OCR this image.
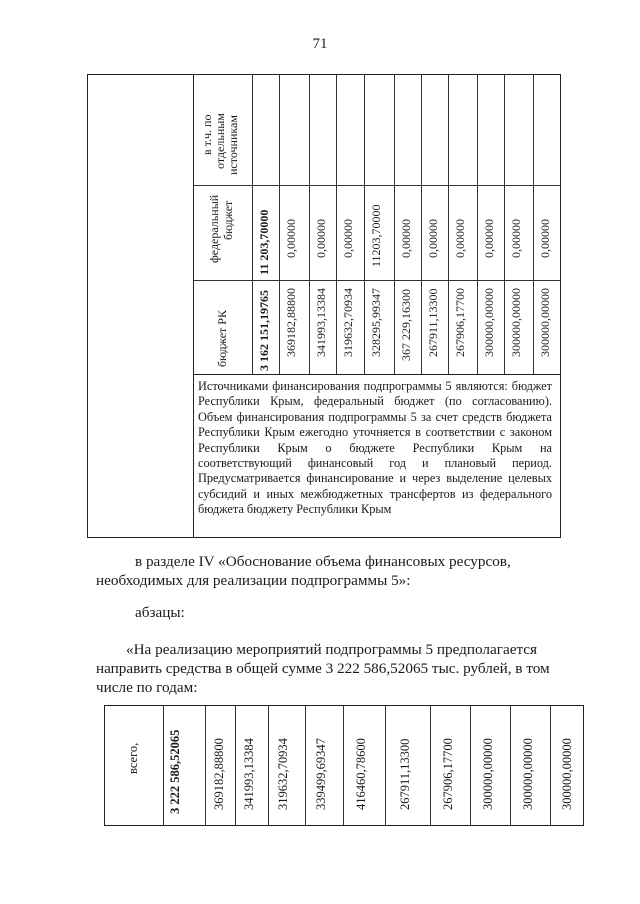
71
в т.ч. по отдельным источникам
федеральный бюджет
бюджет РК
11 203,70000
3 162 151,19765
0,00000
369182,88800
0,00000
341993,13384
0,00000
319632,70934
11203,70000
328295,99347
0,00000
367 229,16300
0,00000
267911,13300
0,00000
267906,17700
0,00000
300000,00000
0,00000
300000,00000
0,00000
300000,00000
Источниками финансирования подпрограммы 5 являются: бюджет Республики Крым, федеральный бюджет (по согласованию). Объем финансирования подпрограммы 5 за счет средств бюджета Республики Крым ежегодно уточняется в соответствии с законом Республики Крым о бюджете Республики Крым на соответствующий финансовый год и плановый период. Предусматривается финансирование и через выделение целевых субсидий и иных межбюджетных трансфертов из федерального бюджета бюджету Республики Крым
в разделе IV «Обоснование объема финансовых ресурсов,
необходимых для реализации подпрограммы 5»:
абзацы:
«На реализацию мероприятий подпрограммы 5 предполагается
направить средства в общей сумме 3 222 586,52065 тыс. рублей, в том
числе по годам:
всего, 3 222 586,52065 369182,88800 341993,13384 319632,70934 339499,69347 416460,78600 267911,13300 267906,17700 300000,00000 300000,00000 300000,00000
